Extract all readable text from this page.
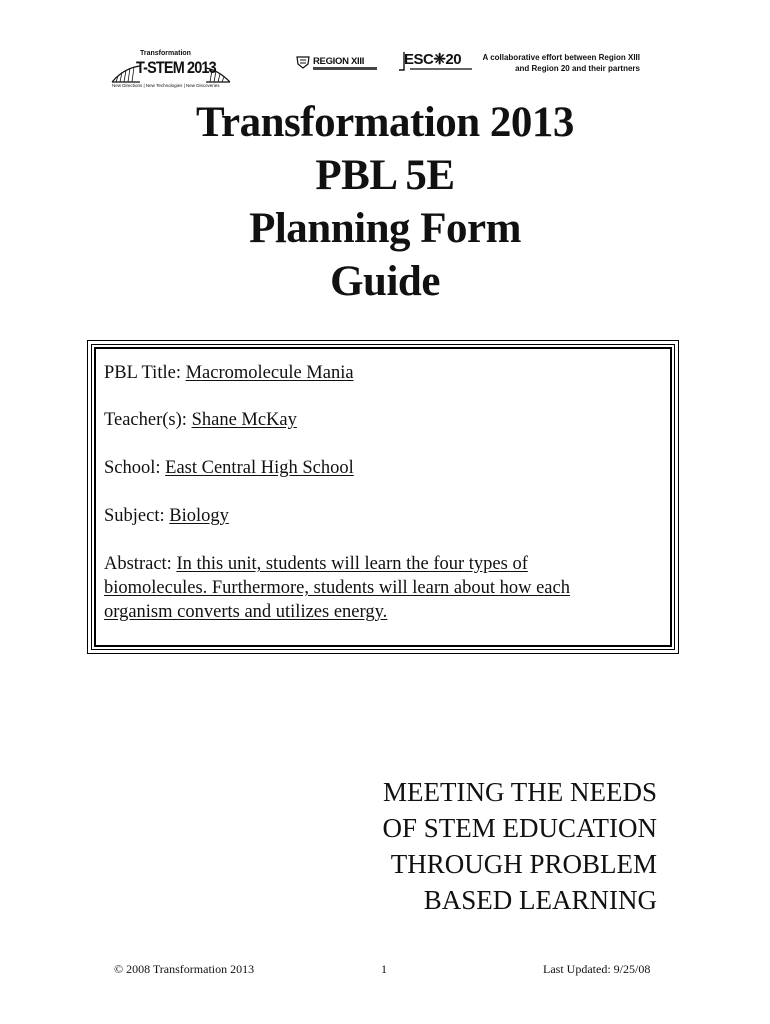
Transformation
T-STEM 2013
New Directions | New Technologies | New Discoveries
REGION XIII	ESC❈20	A collaborative effort between Region XIII
and Region 20 and their partners
Transformation 2013
PBL 5E
Planning Form
Guide
PBL Title: Macromolecule Mania
Teacher(s): Shane McKay
School: East Central High School
Subject: Biology
Abstract: In this unit, students will learn the four types of
biomolecules. Furthermore, students will learn about how each
organism converts and utilizes energy.
MEETING THE NEEDS
OF STEM EDUCATION
THROUGH PROBLEM
BASED LEARNING
© 2008 Transformation 2013	1	Last Updated: 9/25/08
